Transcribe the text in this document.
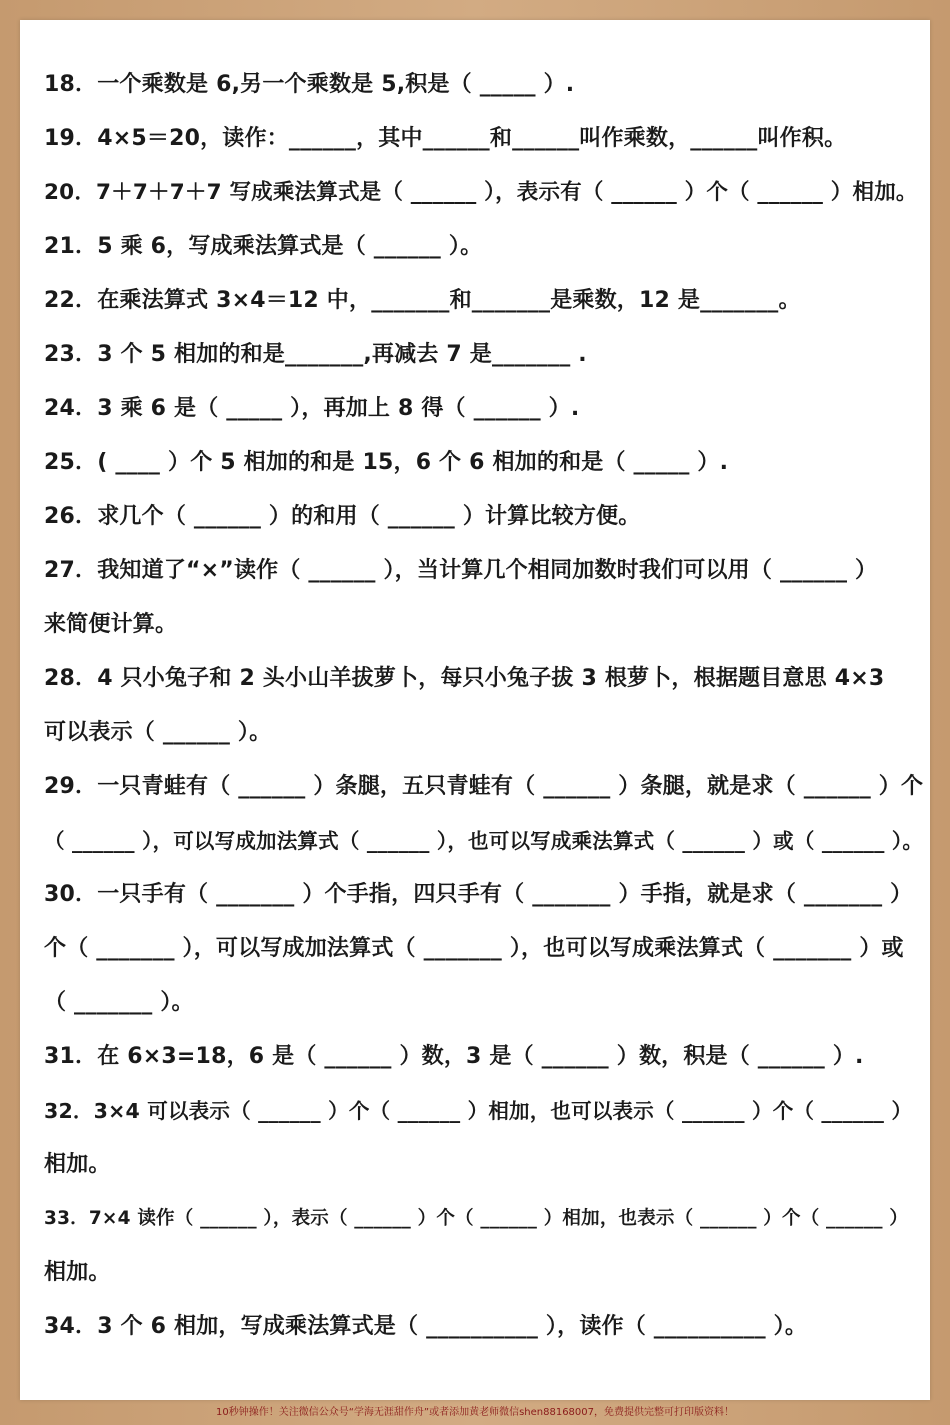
18．一个乘数是 6,另一个乘数是 5,积是（ _____ ）.
19．4×5＝20，读作：______，其中______和______叫作乘数，______叫作积。
20．7＋7＋7＋7 写成乘法算式是（ ______ ），表示有（ ______ ）个（ ______ ）相加。
21．5 乘 6，写成乘法算式是（ ______ ）。
22．在乘法算式 3×4＝12 中，_______和_______是乘数，12 是_______。
23．3 个 5 相加的和是_______,再减去 7 是_______ .
24．3 乘 6 是（ _____ ），再加上 8 得（ ______ ）.
25．( ____ ）个 5 相加的和是 15，6 个 6 相加的和是（ _____ ）.
26．求几个（ ______ ）的和用（ ______ ）计算比较方便。
27．我知道了“×”读作（ ______ ），当计算几个相同加数时我们可以用（ ______ ）
来简便计算。
28．4 只小兔子和 2 头小山羊拔萝卜，每只小兔子拔 3 根萝卜，根据题目意思 4×3
可以表示（ ______ ）。
29．一只青蛙有（ ______ ）条腿，五只青蛙有（ ______ ）条腿，就是求（ ______ ）个
（ ______ ），可以写成加法算式（ ______ ），也可以写成乘法算式（ ______ ）或（ ______ ）。
30．一只手有（ _______ ）个手指，四只手有（ _______ ）手指，就是求（ _______ ）
个（ _______ ），可以写成加法算式（ _______ ），也可以写成乘法算式（ _______ ）或
（ _______ ）。
31．在 6×3=18，6 是（ ______ ）数，3 是（ ______ ）数，积是（ ______ ）.
32．3×4 可以表示（ ______ ）个（ ______ ）相加，也可以表示（ ______ ）个（ ______ ）
相加。
33．7×4 读作（ ______ ），表示（ ______ ）个（ ______ ）相加，也表示（ ______ ）个（ ______ ）
相加。
34．3 个 6 相加，写成乘法算式是（ __________ ），读作（ __________ ）。
10秒钟操作！关注微信公众号“学海无涯甜作舟”或者添加黄老师微信shen88168007，免费提供完整可打印版资料！
